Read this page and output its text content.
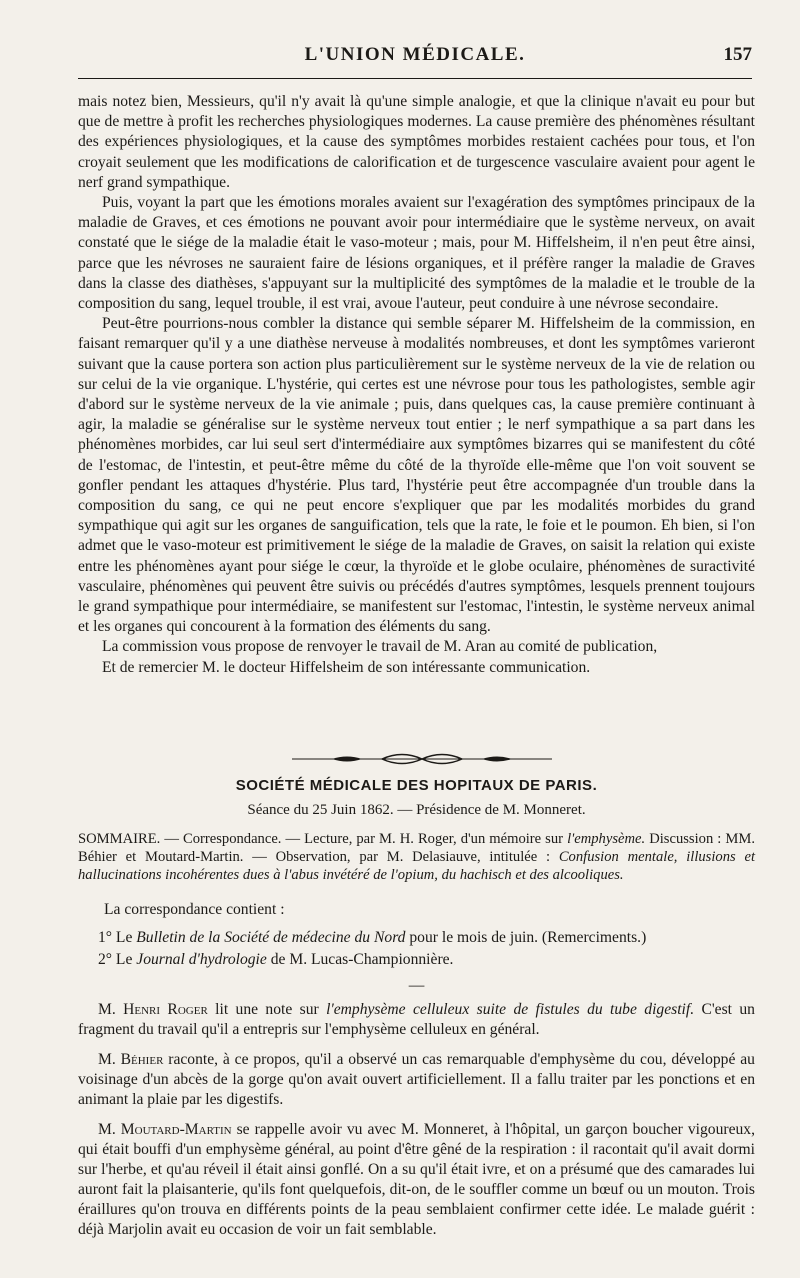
L'UNION MÉDICALE.	157

mais notez bien, Messieurs, qu'il n'y avait là qu'une simple analogie, et que la clinique n'avait eu pour but que de mettre à profit les recherches physiologiques modernes. La cause première des phénomènes résultant des expériences physiologiques, et la cause des symptômes morbides restaient cachées pour tous, et l'on croyait seulement que les modifications de calorification et de turgescence vasculaire avaient pour agent le nerf grand sympathique.

Puis, voyant la part que les émotions morales avaient sur l'exagération des symptômes principaux de la maladie de Graves, et ces émotions ne pouvant avoir pour intermédiaire que le système nerveux, on avait constaté que le siége de la maladie était le vaso-moteur ; mais, pour M. Hiffelsheim, il n'en peut être ainsi, parce que les névroses ne sauraient faire de lésions organiques, et il préfère ranger la maladie de Graves dans la classe des diathèses, s'appuyant sur la multiplicité des symptômes de la maladie et le trouble de la composition du sang, lequel trouble, il est vrai, avoue l'auteur, peut conduire à une névrose secondaire.

Peut-être pourrions-nous combler la distance qui semble séparer M. Hiffelsheim de la commission, en faisant remarquer qu'il y a une diathèse nerveuse à modalités nombreuses, et dont les symptômes varieront suivant que la cause portera son action plus particulièrement sur le système nerveux de la vie de relation ou sur celui de la vie organique. L'hystérie, qui certes est une névrose pour tous les pathologistes, semble agir d'abord sur le système nerveux de la vie animale ; puis, dans quelques cas, la cause première continuant à agir, la maladie se généralise sur le système nerveux tout entier ; le nerf sympathique a sa part dans les phénomènes morbides, car lui seul sert d'intermédiaire aux symptômes bizarres qui se manifestent du côté de l'estomac, de l'intestin, et peut-être même du côté de la thyroïde elle-même que l'on voit souvent se gonfler pendant les attaques d'hystérie. Plus tard, l'hystérie peut être accompagnée d'un trouble dans la composition du sang, ce qui ne peut encore s'expliquer que par les modalités morbides du grand sympathique qui agit sur les organes de sanguification, tels que la rate, le foie et le poumon. Eh bien, si l'on admet que le vaso-moteur est primitivement le siége de la maladie de Graves, on saisit la relation qui existe entre les phénomènes ayant pour siége le cœur, la thyroïde et le globe oculaire, phénomènes de suractivité vasculaire, phénomènes qui peuvent être suivis ou précédés d'autres symptômes, lesquels prennent toujours le grand sympathique pour intermédiaire, se manifestent sur l'estomac, l'intestin, le système nerveux animal et les organes qui concourent à la formation des éléments du sang.

La commission vous propose de renvoyer le travail de M. Aran au comité de publication,

Et de remercier M. le docteur Hiffelsheim de son intéressante communication.

SOCIÉTÉ MÉDICALE DES HOPITAUX DE PARIS.
Séance du 25 Juin 1862. — Présidence de M. Monneret.
SOMMAIRE. — Correspondance. — Lecture, par M. H. Roger, d'un mémoire sur l'emphysème. Discussion : MM. Béhier et Moutard-Martin. — Observation, par M. Delasiauve, intitulée : Confusion mentale, illusions et hallucinations incohérentes dues à l'abus invétéré de l'opium, du hachisch et des alcooliques.
La correspondance contient :
1° Le Bulletin de la Société de médecine du Nord pour le mois de juin. (Remerciments.)
2° Le Journal d'hydrologie de M. Lucas-Championnière.
—
M. Henri Roger lit une note sur l'emphysème celluleux suite de fistules du tube digestif. C'est un fragment du travail qu'il a entrepris sur l'emphysème celluleux en général.
M. Béhier raconte, à ce propos, qu'il a observé un cas remarquable d'emphysème du cou, développé au voisinage d'un abcès de la gorge qu'on avait ouvert artificiellement. Il a fallu traiter par les ponctions et en animant la plaie par les digestifs.
M. Moutard-Martin se rappelle avoir vu avec M. Monneret, à l'hôpital, un garçon boucher vigoureux, qui était bouffi d'un emphysème général, au point d'être gêné de la respiration : il racontait qu'il avait dormi sur l'herbe, et qu'au réveil il était ainsi gonflé. On a su qu'il était ivre, et on a présumé que des camarades lui auront fait la plaisanterie, qu'ils font quelquefois, dit-on, de le souffler comme un bœuf ou un mouton. Trois éraillures qu'on trouva en différents points de la peau semblaient confirmer cette idée. Le malade guérit : déjà Marjolin avait eu occasion de voir un fait semblable.
